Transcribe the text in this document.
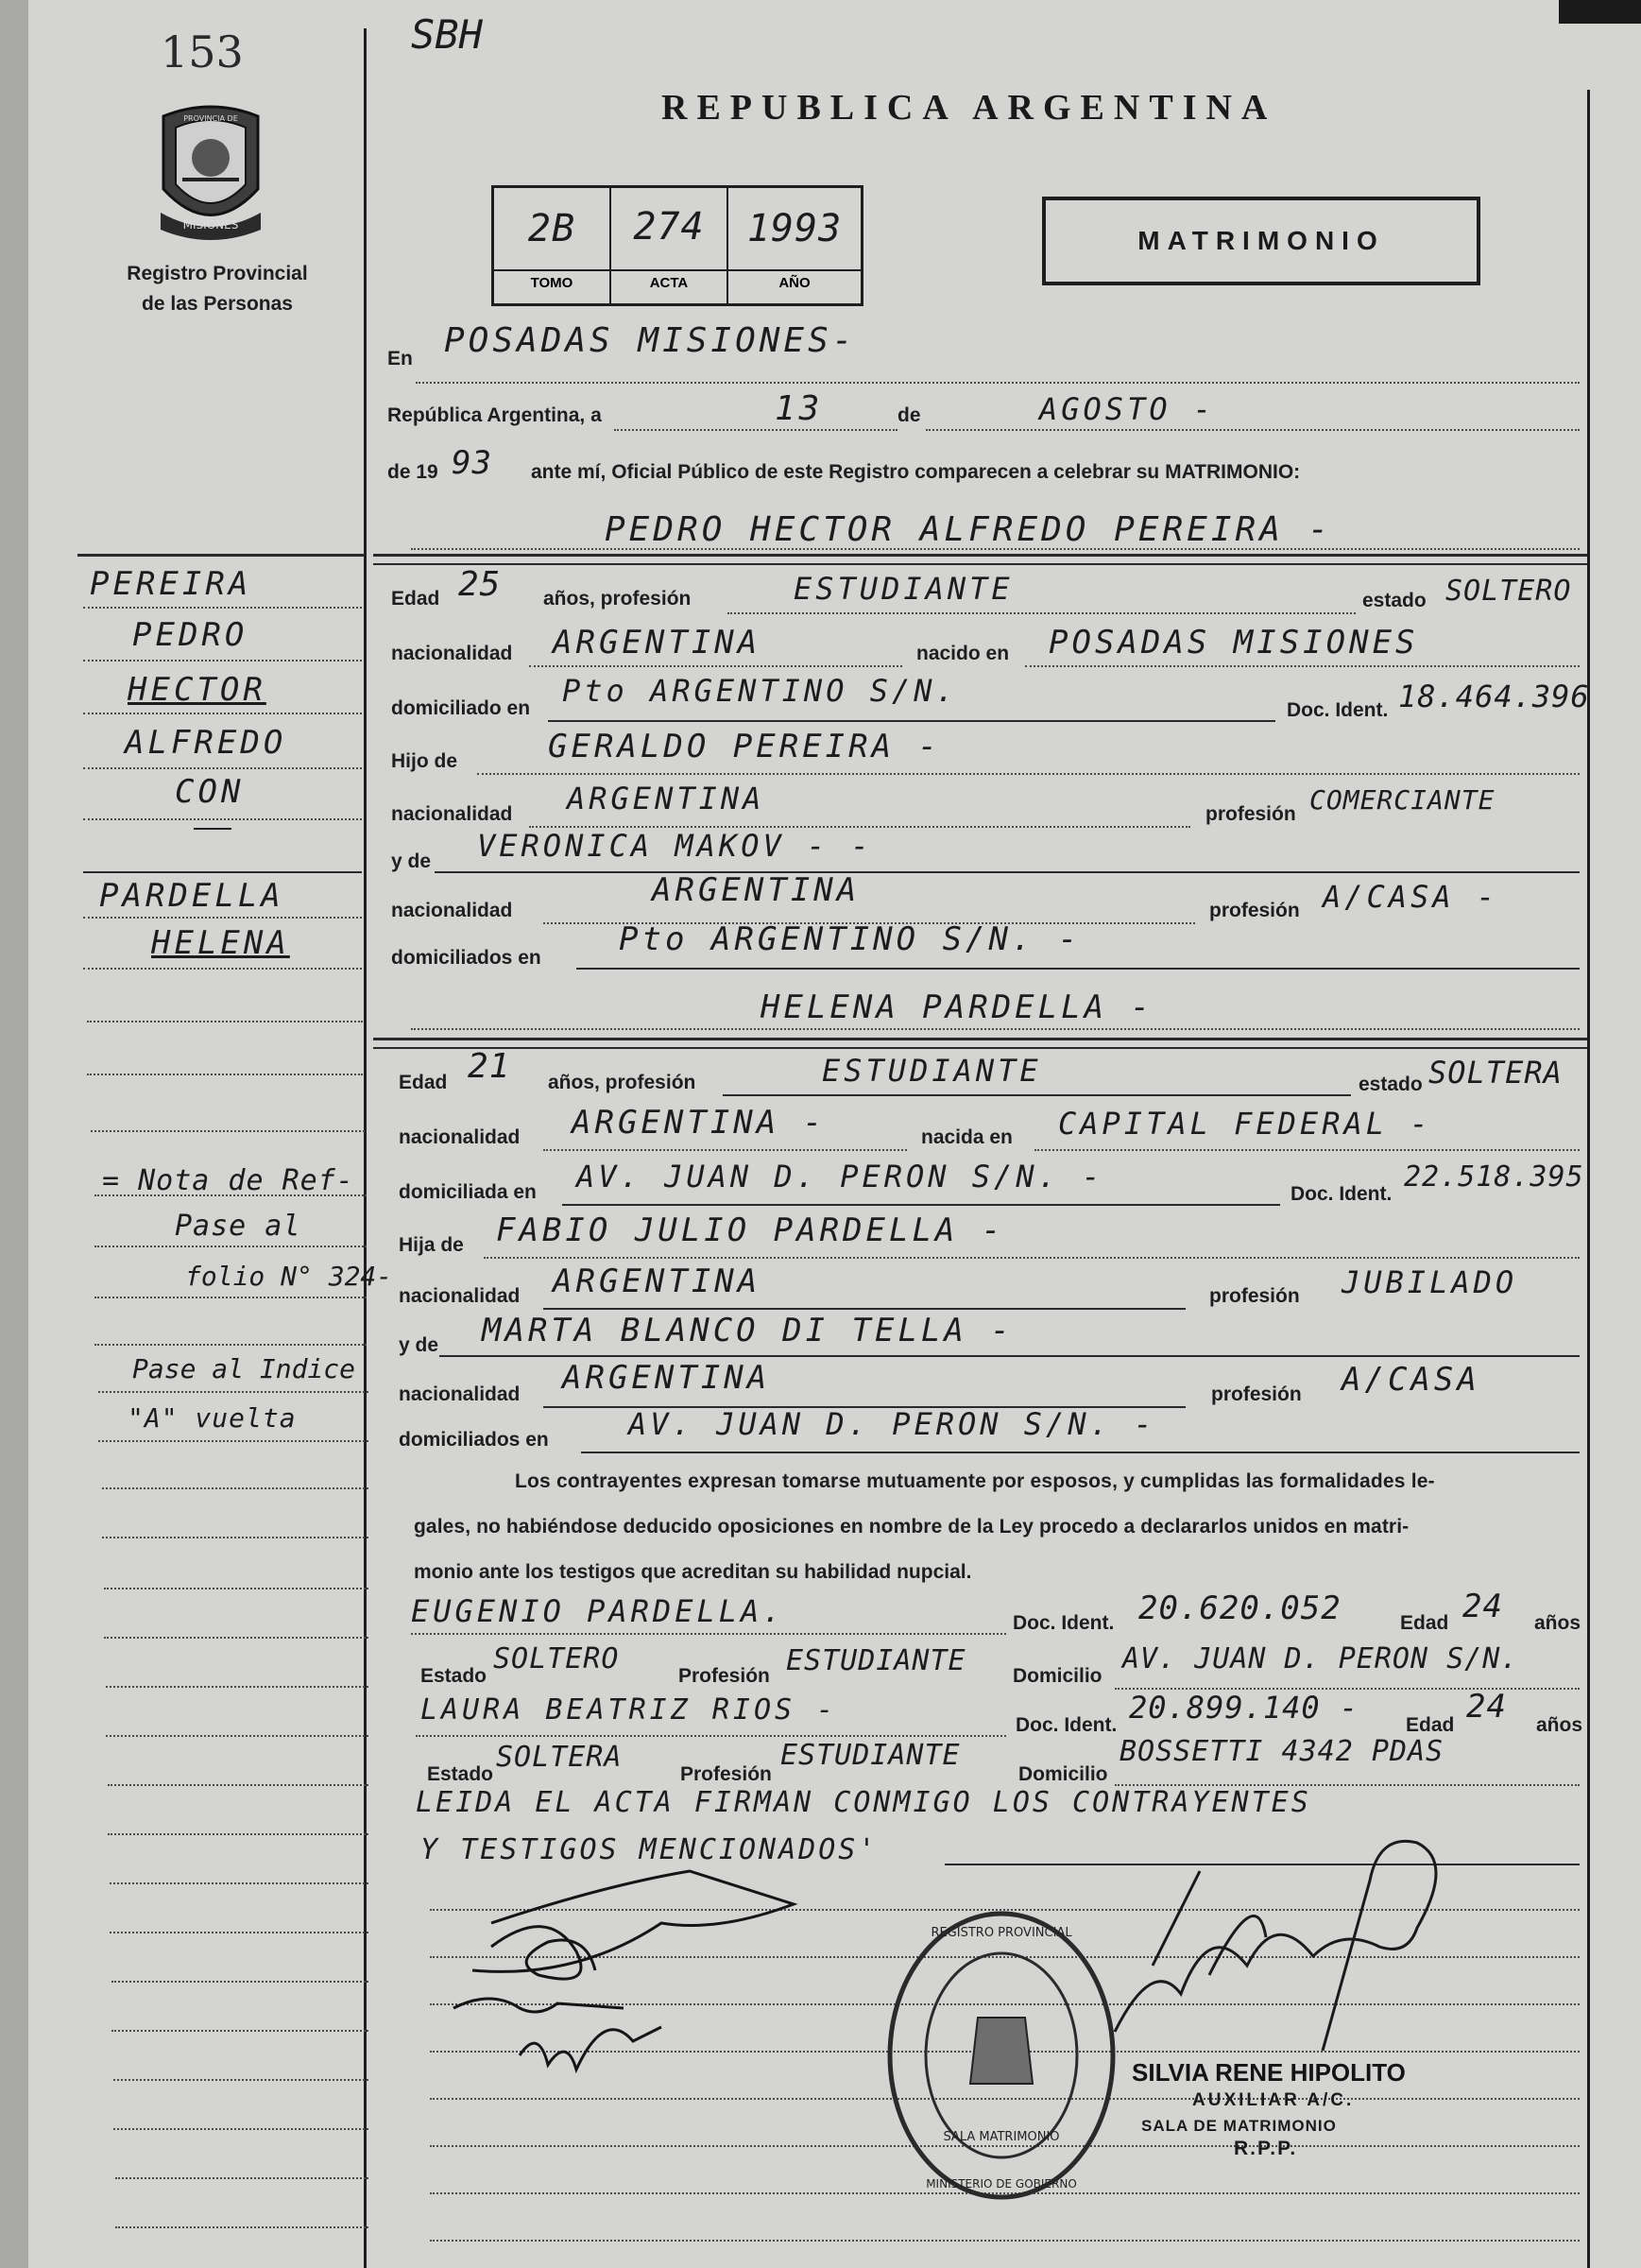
153
MISIONES
PROVINCIA DE
Registro Provincial
de las Personas
SBH
REPUBLICA ARGENTINA
2B	274	1993
TOMO	ACTA	AÑO
MATRIMONIO
En POSADAS MISIONES-
República Argentina, a	13	de	AGOSTO -
de 19 93 ante mí, Oficial Público de este Registro comparecen a celebrar su MATRIMONIO:
PEDRO HECTOR ALFREDO PEREIRA -
Edad 25 años, profesión	ESTUDIANTE	estado SOLTERO
nacionalidad ARGENTINA	nacido en POSADAS MISIONES
domiciliado en Pto ARGENTINO S/N.
Doc. Ident. 18.464.396
Hijo de	GERALDO PEREIRA -
nacionalidad ARGENTINA	profesión COMERCIANTE
y de VERONICA MAKOV - -
nacionalidad
ARGENTINA
profesión A/CASA -
domiciliados en Pto ARGENTINO S/N. -
HELENA PARDELLA -
Edad 21 años, profesión	ESTUDIANTE	estado SOLTERA
nacionalidad ARGENTINA -	nacida en CAPITAL FEDERAL -
domiciliada en AV. JUAN D. PERON S/N. -	Doc. Ident.
22.518.395
Hija de FABIO JULIO PARDELLA -
nacionalidad ARGENTINA	profesión JUBILADO
y de MARTA BLANCO DI TELLA -
nacionalidad ARGENTINA	profesión A/CASA
domiciliados en	AV. JUAN D. PERON S/N. -
Los contrayentes expresan tomarse mutuamente por esposos, y cumplidas las formalidades le-
gales, no habiéndose deducido oposiciones en nombre de la Ley procedo a declararlos unidos en matri-
monio ante los testigos que acreditan su habilidad nupcial.
EUGENIO PARDELLA.	Doc. Ident. 20.620.052	Edad 24 años
Estado
SOLTERO
Profesión ESTUDIANTE Domicilio
AV. JUAN D. PERON S/N.
LAURA BEATRIZ RIOS -	Doc. Ident. 20.899.140 - Edad 24 años
Estado
SOLTERA
Profesión
ESTUDIANTE
Domicilio
BOSSETTI 4342 PDAS
LEIDA EL ACTA FIRMAN CONMIGO LOS CONTRAYENTES
Y TESTIGOS MENCIONADOS'
REGISTRO PROVINCIAL
MINISTERIO DE GOBIERNO
SALA MATRIMONIO
SILVIA RENE HIPOLITO
AUXILIAR A/C.
SALA DE MATRIMONIO
R.P.P.
PEREIRA
PEDRO
HECTOR
ALFREDO
CON
PARDELLA
HELENA
= Nota de Ref-
Pase al
folio N° 324-
Pase al Indice
"A" vuelta
